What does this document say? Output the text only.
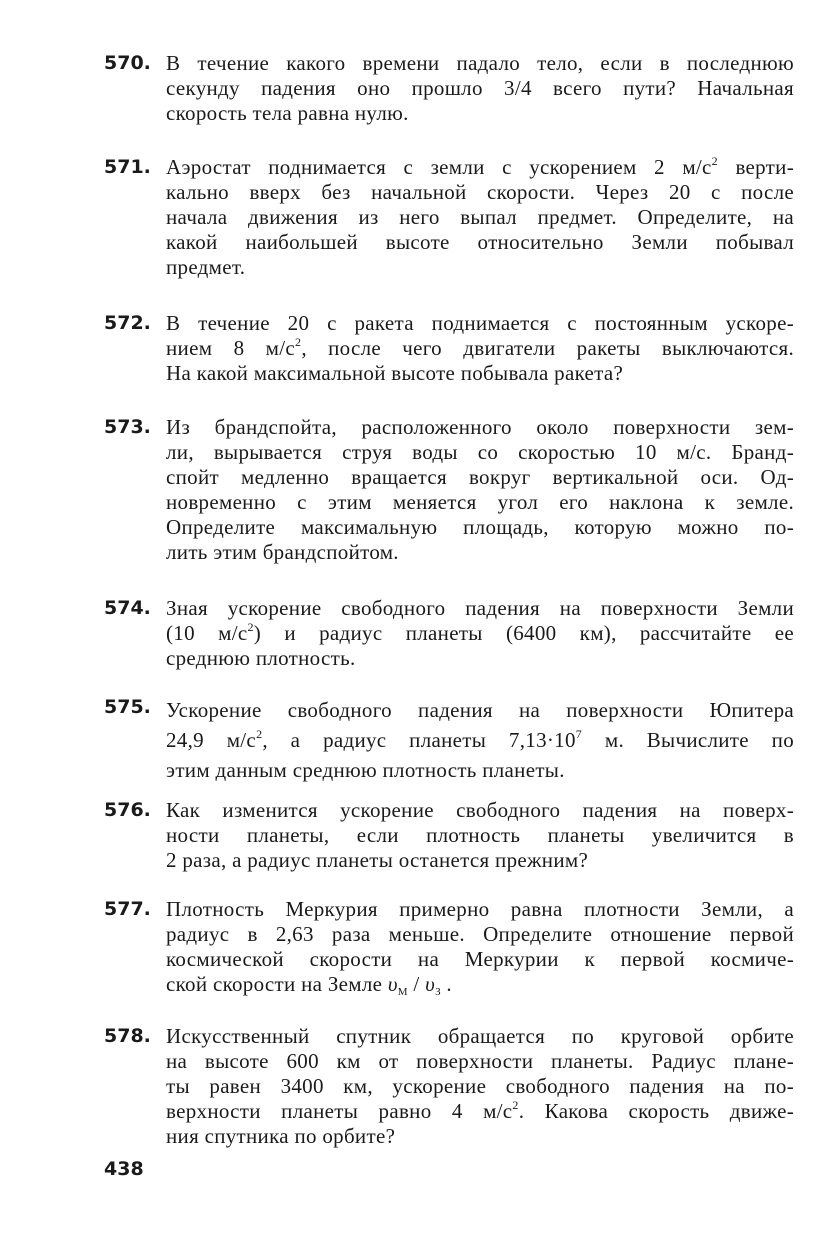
570. В течение какого времени падало тело, если в последнюю
секунду падения оно прошло 3/4 всего пути? Начальная
скорость тела равна нулю.
571. Аэростат поднимается с земли с ускорением 2 $м/с^2$ верти-
кально вверх без начальной скорости. Через 20 с после
начала движения из него выпал предмет. Определите, на
какой наибольшей высоте относительно Земли побывал
предмет.
572. В течение 20 с ракета поднимается с постоянным ускоре-
нием 8 $м/с^2$, после чего двигатели ракеты выключаются.
На какой максимальной высоте побывала ракета?
573. Из брандспойта, расположенного около поверхности зем-
ли, вырывается струя воды со скоростью 10 м/с. Бранд-
спойт медленно вращается вокруг вертикальной оси. Од-
новременно с этим меняется угол его наклона к земле.
Определите максимальную площадь, которую можно по-
лить этим брандспойтом.
574. Зная ускорение свободного падения на поверхности Земли
(10 $м/с^2$) и радиус планеты (6400 км), рассчитайте ее
среднюю плотность.
575. Ускорение свободного падения на поверхности Юпитера
24,9 $м/с^2$, а радиус планеты $7,13\cdot 10^7$ м. Вычислите по
этим данным среднюю плотность планеты.
576. Как изменится ускорение свободного падения на поверх-
ности планеты, если плотность планеты увеличится в
2 раза, а радиус планеты останется прежним?
577. Плотность Меркурия примерно равна плотности Земли, а
радиус в 2,63 раза меньше. Определите отношение первой
космической скорости на Меркурии к первой космиче-
ской скорости на Земле $\upsilon_М / \upsilon_З$ .
578. Искусственный спутник обращается по круговой орбите
на высоте 600 км от поверхности планеты. Радиус плане-
ты равен 3400 км, ускорение свободного падения на по-
верхности планеты равно 4 $м/с^2$. Какова скорость движе-
ния спутника по орбите?
438
